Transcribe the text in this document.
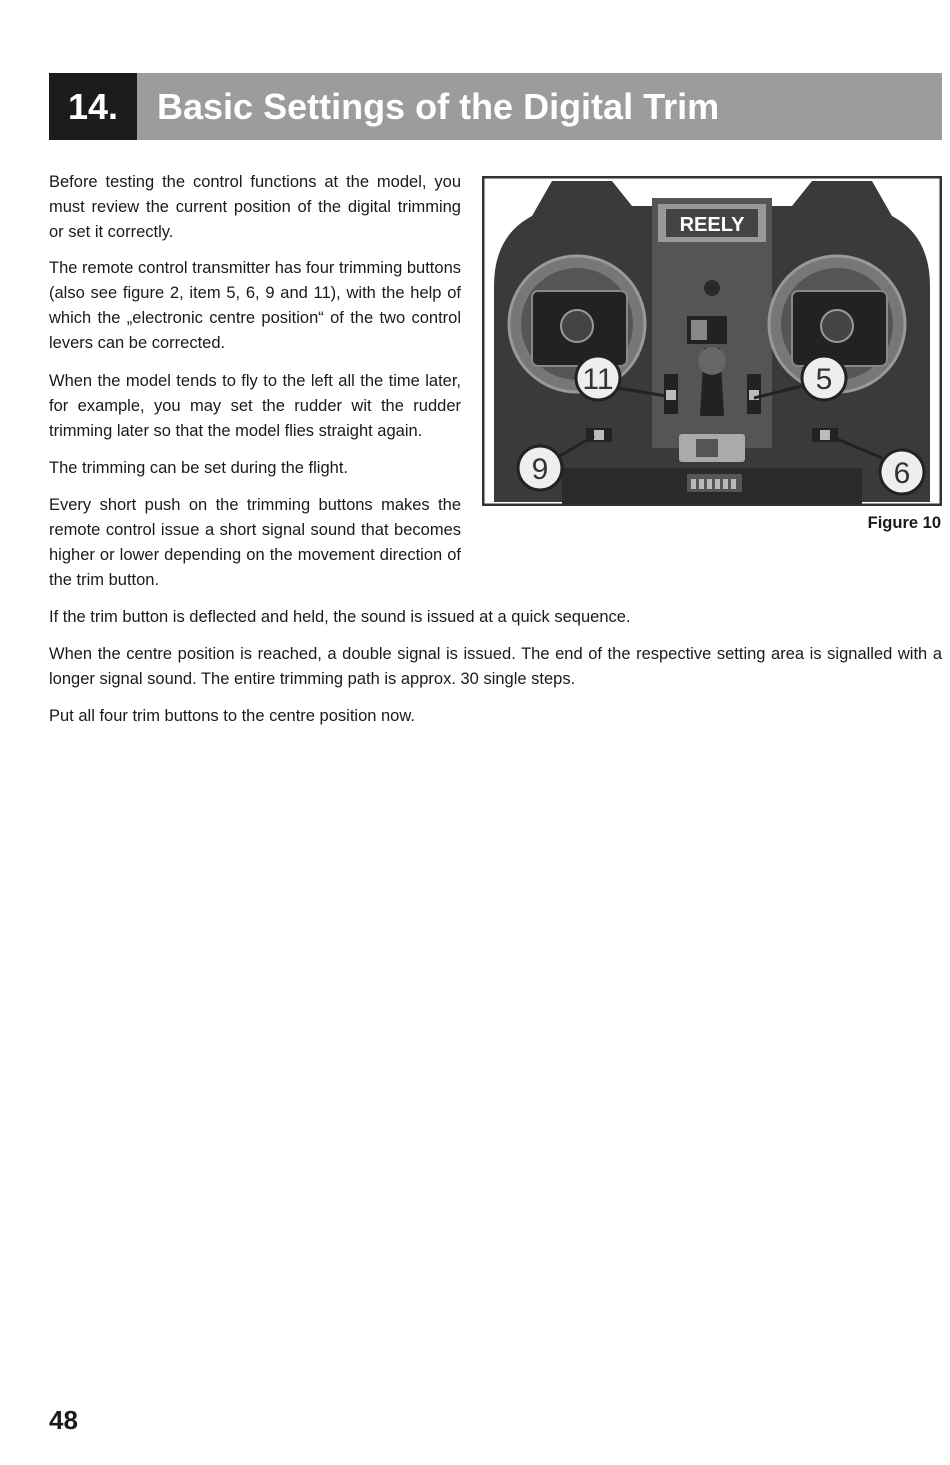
14.	Basic Settings of the Digital Trim

Before testing the control functions at the model, you must review the current position of the digital trimming or set it correctly.

The remote control transmitter has four trimming buttons (also see figure 2, item 5, 6, 9 and 11), with the help of which the „electronic centre position“ of the two control levers can be corrected.

When the model tends to fly to the left all the time later, for example, you may set the rudder wit the rudder trimming later so that the model flies straight again.

The trimming can be set during the flight.

Every short push on the trimming buttons makes the remote control issue a short signal sound that becomes higher or lower depending on the movement direction of the trim button.

If the trim button is deflected and held, the sound is issued at a quick sequence.

When the centre position is reached, a double signal is issued. The end of the respective setting area is signalled with a longer signal sound. The entire trimming path is approx. 30 single steps.

Put all four trim buttons to the centre position now.

REELY
11	5
9	6
Figure 10
48
